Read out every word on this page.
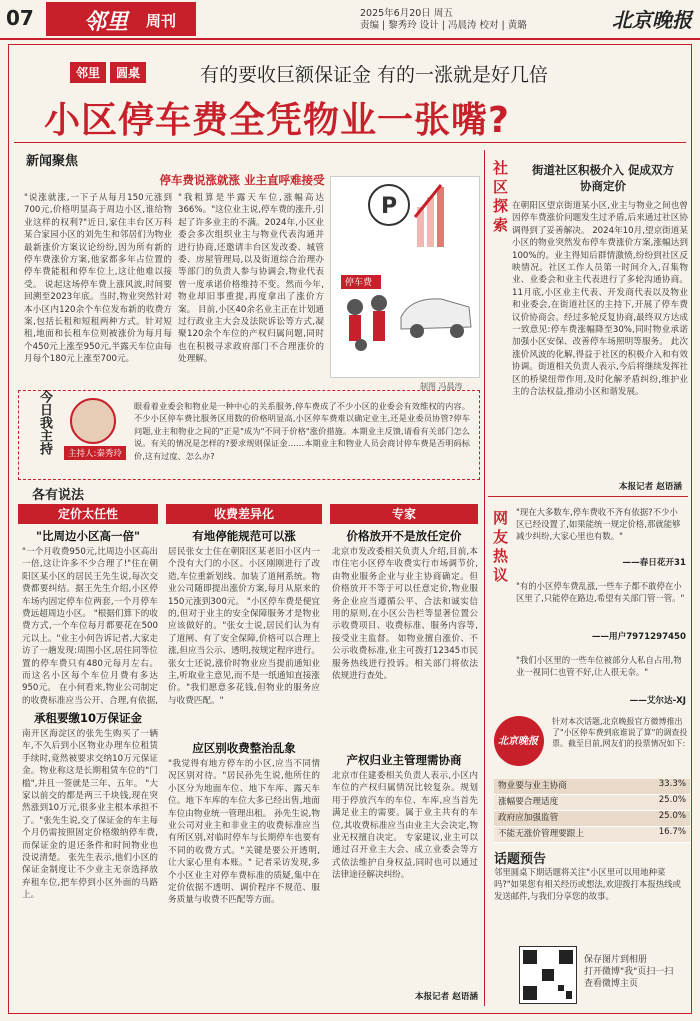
07 邻里 周刊	2025年6月20日 周五
责编 | 黎秀玲 设计 | 冯晨涛 校对 | 黄璐	北京晚报
邻里 圆桌	有的要收巨额保证金 有的一涨就是好几倍
小区停车费全凭物业一张嘴?
新闻聚焦
停车费说涨就涨 业主直呼难接受
"说涨就涨,一下子从每月150元涨到700元,价格明显高于周边小区,谁给物业这样的权利?"近日,家住丰台区万科某合家园小区的刘先生和邻居们为物业最新涨价方案议论纷纷,因为所有新的停车费涨价方案,他家都多年占位置的停车费能租和停车位上,这让他难以接受。 说起这场停车费上涨风波,时间要回溯至2023年底。当时,物业突然针对本小区内120余个车位发布新的收费方案,包括长租和短租两种方式。针对短租,地面和长租车位则被涨价为每月每个450元上涨至950元,半露天车位由每月每个180元上涨至700元。
"我粗算是半露天车位,涨幅高达366%。"这位业主说,停车费的涨升,引起了许多业主的不满。2024年,小区业委会多次组织业主与物业代表沟通并进行协商,还邀请丰台区发改委、城管委、房屋管理局,以及街道综合治理办等部门的负责人参与协调会,物业代表曾一度承诺价格维持不变。然而今年,物业却旧事重提,再度拿出了涨价方案。 目前,小区40余名业主正在计划通过行政业主大会及法院诉讼等方式,凝聚120余个车位的产权归属问题,同时也在积极寻求政府部门不合理涨价的处理解。
P
停车费
制图 冯晨涛
今日我主持	主持人:秦秀玲
眼看着业委会和物业是一种中心的关系服务,停车费成了不少小区的业委会有效维权的内容。不少小区停车费比服务区用数的价格明显高,小区停车费难以确定业主,还是业委员协管?停车问题,业主和物业之间的"正是"成为"不同于价格"涨价措施。本期业主反馈,请看有关部门怎么说。有关的情况是怎样的?要求规则保证金……本期业主和物业人员会商讨停车费是否明码标价,这有过度、怎么办?
各有说法
定价太任性	收费差异化	专家
"比周边小区高一倍"
"一个月收费950元,比周边小区高出一倍,这让许多不少合理了!"住在朝阳区某小区的居民王先生说,每次交费都要纠结。据王先生介绍,小区停车场内固定停车位两套,一个月停车费远超周边小区。 "根据们算下的收费方式,一个车位每月都要花在500元以上。"业主小何告诉记者,大家走访了一趟发现:周围小区,居住同等位置的停车费只有480元每月左右。而这名小区每个车位月费有多达950元。 在小何看来,物业公司制定的收费标准应当公开、合理,有依据,
承租要缴10万保证金
南开区海淀区的张先生购买了一辆车,不久后到小区物业办理车位租赁手续时,竟然被要求交纳10万元保证金。物业称这是长期租赁车位的"门槛",并且一签就是三年、五年。 "大家以前交的都是两三千块钱,现在突然涨到10万元,很多业主根本承担不了。"张先生说,交了保证金的车主每个月仍需按照固定价格缴纳停车费,而保证金的退还条件和时间物业也没说清楚。 张先生表示,他们小区的保证金制度让不少业主无奈选择放弃租车位,把车停到小区外面的马路上。
有地停能规范可以涨
居民张女士住在朝阳区某老旧小区内一个没有大门的小区。小区刚刚进行了改造,车位重新划线、加装了道闸系统。物业公司随即提出涨价方案,每月从原来的150元涨到300元。 "小区停车费是便宜的,但对于业主的安全保障服务才是物业应该做好的。"张女士说,居民们认为有了道闸、有了安全保障,价格可以合理上涨,但应当公示、透明,按规定程序进行。 张女士还说,涨价时物业应当提前通知业主,听取业主意见,而不是一纸通知直接涨价。"我们愿意多花钱,但物业的服务应与收费匹配。"
应区别收费整治乱象
"我觉得有地方停车的小区,应当不同情况区别对待。"居民孙先生说,他所住的小区分为地面车位、地下车库、露天车位。地下车库的车位大多已经出售,地面车位由物业统一管理出租。 孙先生说,物业公司对业主和非业主的收费标准应当有所区别,对临时停车与长期停车也要有不同的收费方式。"关键是要公开透明,让大家心里有本账。" 记者采访发现,多个小区业主对停车费标准的质疑,集中在定价依据不透明、调价程序不规范、服务质量与收费不匹配等方面。
价格放开不是放任定价
北京市发改委相关负责人介绍,目前,本市住宅小区停车收费实行市场调节价,由物业服务企业与业主协商确定。但价格放开不等于可以任意定价,物业服务企业应当遵循公平、合法和诚实信用的原则,在小区公告栏等显著位置公示收费项目、收费标准、服务内容等,接受业主监督。 如物业擅自涨价、不公示收费标准,业主可拨打12345市民服务热线进行投诉。相关部门将依法依规进行查处。
产权归业主管理需协商
北京市住建委相关负责人表示,小区内车位的产权归属情况比较复杂。规划用于停放汽车的车位、车库,应当首先满足业主的需要。属于业主共有的车位,其收费标准应当由业主大会决定,物业无权擅自决定。 专家建议,业主可以通过召开业主大会、成立业委会等方式依法维护自身权益,同时也可以通过法律途径解决纠纷。
本报记者 赵语涵
社区探索	街道社区积极介入 促成双方协商定价
在朝阳区望京街道某小区,业主与物业之间也曾因停车费涨价问题发生过矛盾,后来通过社区协调得到了妥善解决。 2024年10月,望京街道某小区的物业突然发布停车费涨价方案,涨幅达到100%的。业主得知后群情激愤,纷纷到社区反映情况。社区工作人员第一时间介入,召集物业、业委会和业主代表进行了多轮沟通协商。 11月底,小区业主代表、开发商代表以及物业和业委会,在街道社区的主持下,开展了停车费议价协商会。经过多轮反复协商,最终双方达成一致意见:停车费涨幅降至30%,同时物业承诺加强小区安保、改善停车场照明等服务。 此次涨价风波的化解,得益于社区的积极介入和有效协调。街道相关负责人表示,今后将继续发挥社区的桥梁纽带作用,及时化解矛盾纠纷,维护业主的合法权益,推动小区和谐发展。
本报记者 赵语涵
网友热议 "现在大多数车,停车费收不齐有依据?不少小区已经设置了,如果能统一规定价格,那就能够减少纠纷,大家心里也有数。"
——春日花开31
"有的小区停车费乱涨,一些车子都不敢停在小区里了,只能停在路边,希望有关部门管一管。"
——用户7971297450
"我们小区里的一些车位被部分人私自占用,物业一视同仁也管不好,让人很无奈。"
——艾尔达-XJ
北京晚报
针对本次话题,北京晚报官方微博推出了"小区停车费到底谁说了算"的调查投票。截至目前,网友们的投票情况如下:
物业要与业主协商	33.3%
涨幅要合理适度	25.0%
政府应加强监管	25.0%
不能无涨价管理要跟上	16.7%
话题预告
邻里圆桌下期话题将关注"小区里可以用地种菜吗?"如果您有相关经历或想法,欢迎拨打本报热线或发送邮件,与我们分享您的故事。
保存图片到相册
打开微博"我"页扫一扫
查看微博主页
